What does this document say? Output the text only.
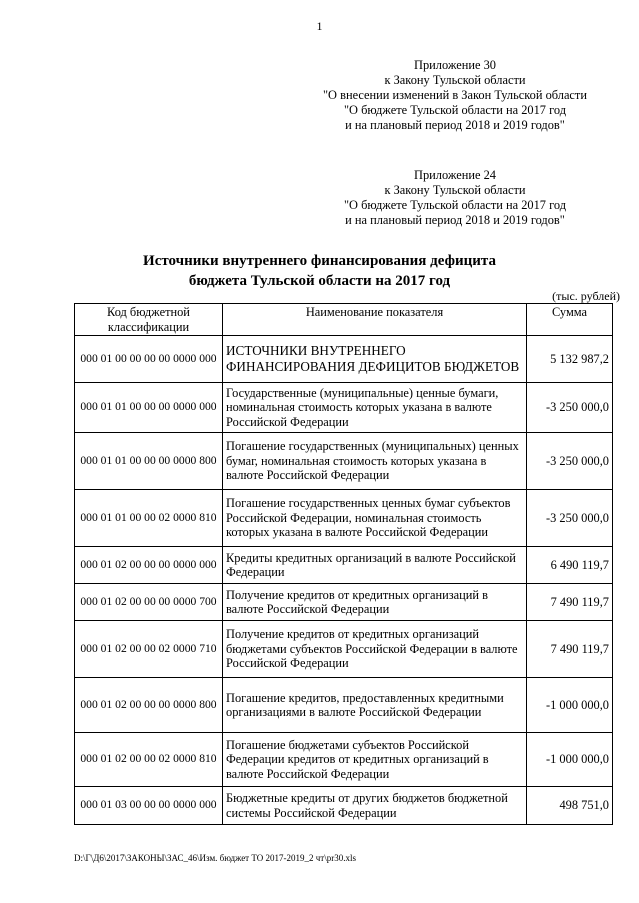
1
Приложение 30
к Закону Тульской области
"О внесении изменений в Закон Тульской области
"О бюджете Тульской области на 2017 год
и на плановый период 2018 и 2019 годов"
Приложение 24
к Закону Тульской области
"О бюджете Тульской области на 2017 год
и на плановый период 2018 и 2019 годов"
Источники внутреннего финансирования дефицита
бюджета Тульской области на 2017 год
(тыс. рублей)
Код бюджетной классификации	Наименование показателя	Сумма
000 01 00 00 00 00 0000 000	ИСТОЧНИКИ ВНУТРЕННЕГО ФИНАНСИРОВАНИЯ ДЕФИЦИТОВ БЮДЖЕТОВ	5 132 987,2
000 01 01 00 00 00 0000 000	Государственные (муниципальные) ценные бумаги, номинальная стоимость которых указана в валюте Российской Федерации	-3 250 000,0
000 01 01 00 00 00 0000 800	Погашение государственных (муниципальных) ценных бумаг, номинальная стоимость которых указана в валюте Российской Федерации	-3 250 000,0
000 01 01 00 00 02 0000 810	Погашение государственных ценных бумаг субъектов Российской Федерации, номинальная стоимость которых указана в валюте Российской Федерации	-3 250 000,0
000 01 02 00 00 00 0000 000	Кредиты кредитных организаций в валюте Российской Федерации	6 490 119,7
000 01 02 00 00 00 0000 700	Получение кредитов от кредитных организаций в валюте Российской Федерации	7 490 119,7
000 01 02 00 00 02 0000 710	Получение кредитов от кредитных организаций бюджетами субъектов Российской Федерации в валюте Российской Федерации	7 490 119,7
000 01 02 00 00 00 0000 800	Погашение кредитов, предоставленных кредитными организациями в валюте Российской Федерации	-1 000 000,0
000 01 02 00 00 02 0000 810	Погашение бюджетами субъектов Российской Федерации кредитов от кредитных организаций в валюте Российской Федерации	-1 000 000,0
000 01 03 00 00 00 0000 000	Бюджетные кредиты от других бюджетов бюджетной системы Российской Федерации	498 751,0
D:\Г\Д6\2017\ЗАКОНЫ\ЗАС_46\Изм. бюджет ТО 2017-2019_2 чт\pr30.xls
